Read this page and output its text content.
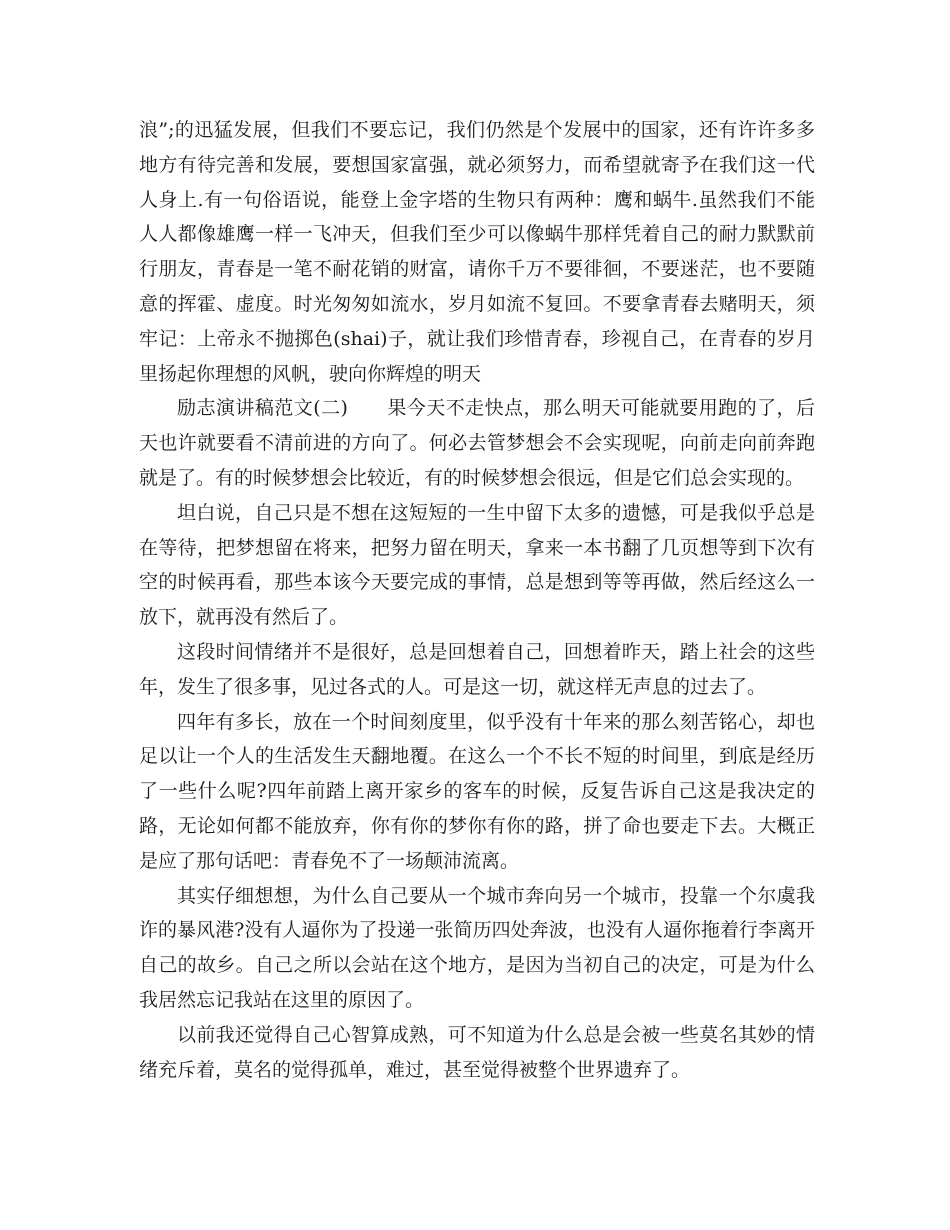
浪”;的迅猛发展，但我们不要忘记，我们仍然是个发展中的国家，还有许许多多地方有待完善和发展，要想国家富强，就必须努力，而希望就寄予在我们这一代人身上.有一句俗语说，能登上金字塔的生物只有两种：鹰和蜗牛.虽然我们不能人人都像雄鹰一样一飞冲天，但我们至少可以像蜗牛那样凭着自己的耐力默默前行朋友，青春是一笔不耐花销的财富，请你千万不要徘徊，不要迷茫，也不要随意的挥霍、虚度。时光匆匆如流水，岁月如流不复回。不要拿青春去赌明天，须牢记：上帝永不抛掷色(shai)子，就让我们珍惜青春，珍视自己，在青春的岁月里扬起你理想的风帆，驶向你辉煌的明天

励志演讲稿范文(二)　　果今天不走快点，那么明天可能就要用跑的了，后天也许就要看不清前进的方向了。何必去管梦想会不会实现呢，向前走向前奔跑就是了。有的时候梦想会比较近，有的时候梦想会很远，但是它们总会实现的。

坦白说，自己只是不想在这短短的一生中留下太多的遗憾，可是我似乎总是在等待，把梦想留在将来，把努力留在明天，拿来一本书翻了几页想等到下次有空的时候再看，那些本该今天要完成的事情，总是想到等等再做，然后经这么一放下，就再没有然后了。

这段时间情绪并不是很好，总是回想着自己，回想着昨天，踏上社会的这些年，发生了很多事，见过各式的人。可是这一切，就这样无声息的过去了。

四年有多长，放在一个时间刻度里，似乎没有十年来的那么刻苦铭心，却也足以让一个人的生活发生天翻地覆。在这么一个不长不短的时间里，到底是经历了一些什么呢?四年前踏上离开家乡的客车的时候，反复告诉自己这是我决定的路，无论如何都不能放弃，你有你的梦你有你的路，拼了命也要走下去。大概正是应了那句话吧：青春免不了一场颠沛流离。

其实仔细想想，为什么自己要从一个城市奔向另一个城市，投靠一个尔虞我诈的暴风港?没有人逼你为了投递一张简历四处奔波，也没有人逼你拖着行李离开自己的故乡。自己之所以会站在这个地方，是因为当初自己的决定，可是为什么我居然忘记我站在这里的原因了。

以前我还觉得自己心智算成熟，可不知道为什么总是会被一些莫名其妙的情绪充斥着，莫名的觉得孤单，难过，甚至觉得被整个世界遗弃了。
